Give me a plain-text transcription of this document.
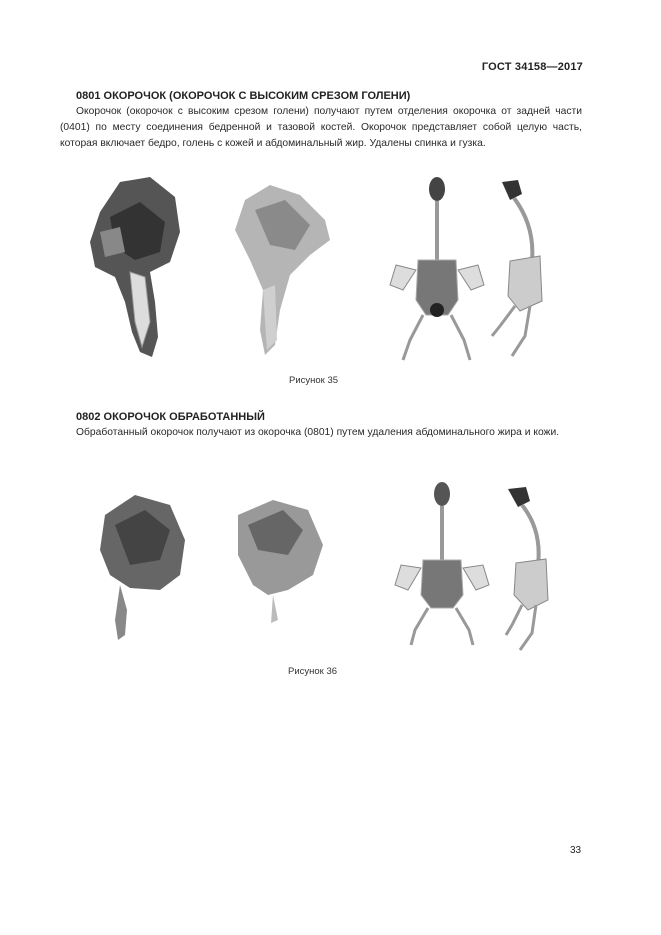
ГОСТ 34158—2017
0801 ОКОРОЧОК (ОКОРОЧОК С ВЫСОКИМ СРЕЗОМ ГОЛЕНИ)
Окорочок (окорочок с высоким срезом голени) получают путем отделения окорочка от задней части (0401) по месту соединения бедренной и тазовой костей. Окорочок представляет собой целую часть, которая включает бедро, голень с кожей и абдоминальный жир. Удалены спинка и гузка.
Рисунок 35
0802 ОКОРОЧОК ОБРАБОТАННЫЙ
Обработанный окорочок получают из окорочка (0801) путем удаления абдоминального жира и кожи.
Рисунок 36
33
